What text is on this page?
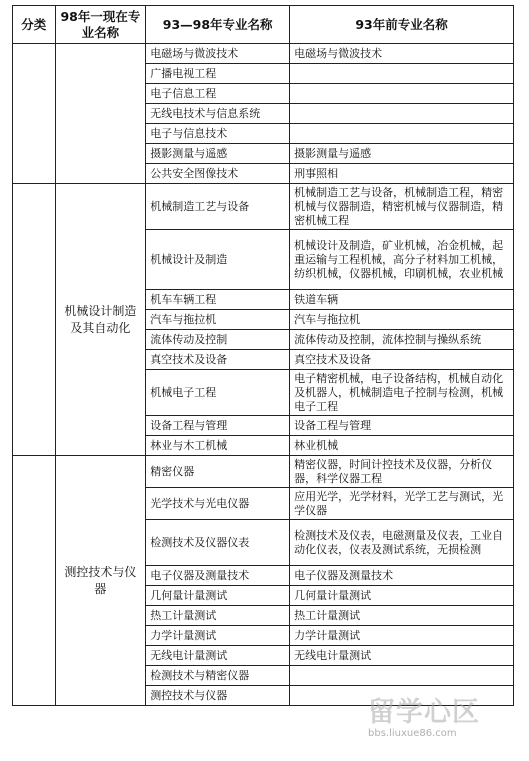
分类	98年一现在专业名称	93—98年专业名称	93年前专业名称
		电磁场与微波技术	电磁场与微波技术
		广播电视工程	
		电子信息工程	
		无线电技术与信息系统	
		电子与信息技术	
		摄影测量与遥感	摄影测量与遥感
		公共安全图像技术	刑事照相
	机械设计制造及其自动化	机械制造工艺与设备	机械制造工艺与设备，机械制造工程，精密机械与仪器制造，精密机械与仪器制造，精密机械工程
		机械设计及制造	机械设计及制造，矿业机械，冶金机械，起重运输与工程机械，高分子材料加工机械，纺织机械，仪器机械，印刷机械，农业机械
		机车车辆工程	铁道车辆
		汽车与拖拉机	汽车与拖拉机
		流体传动及控制	流体传动及控制，流体控制与操纵系统
		真空技术及设备	真空技术及设备
		机械电子工程	电子精密机械，电子设备结构，机械自动化及机器人，机械制造电子控制与检测，机械电子工程
		设备工程与管理	设备工程与管理
		林业与木工机械	林业机械
	测控技术与仪器	精密仪器	精密仪器，时间计控技术及仪器，分析仪器，科学仪器工程
		光学技术与光电仪器	应用光学，光学材料，光学工艺与测试，光学仪器
		检测技术及仪器仪表	检测技术及仪表，电磁测量及仪表，工业自动化仪表，仪表及测试系统，无损检测
		电子仪器及测量技术	电子仪器及测量技术
		几何量计量测试	几何量计量测试
		热工计量测试	热工计量测试
		力学计量测试	力学计量测试
		无线电计量测试	无线电计量测试
		检测技术与精密仪器	
		测控技术与仪器	
留学心区
bbs.liuxue86.com
